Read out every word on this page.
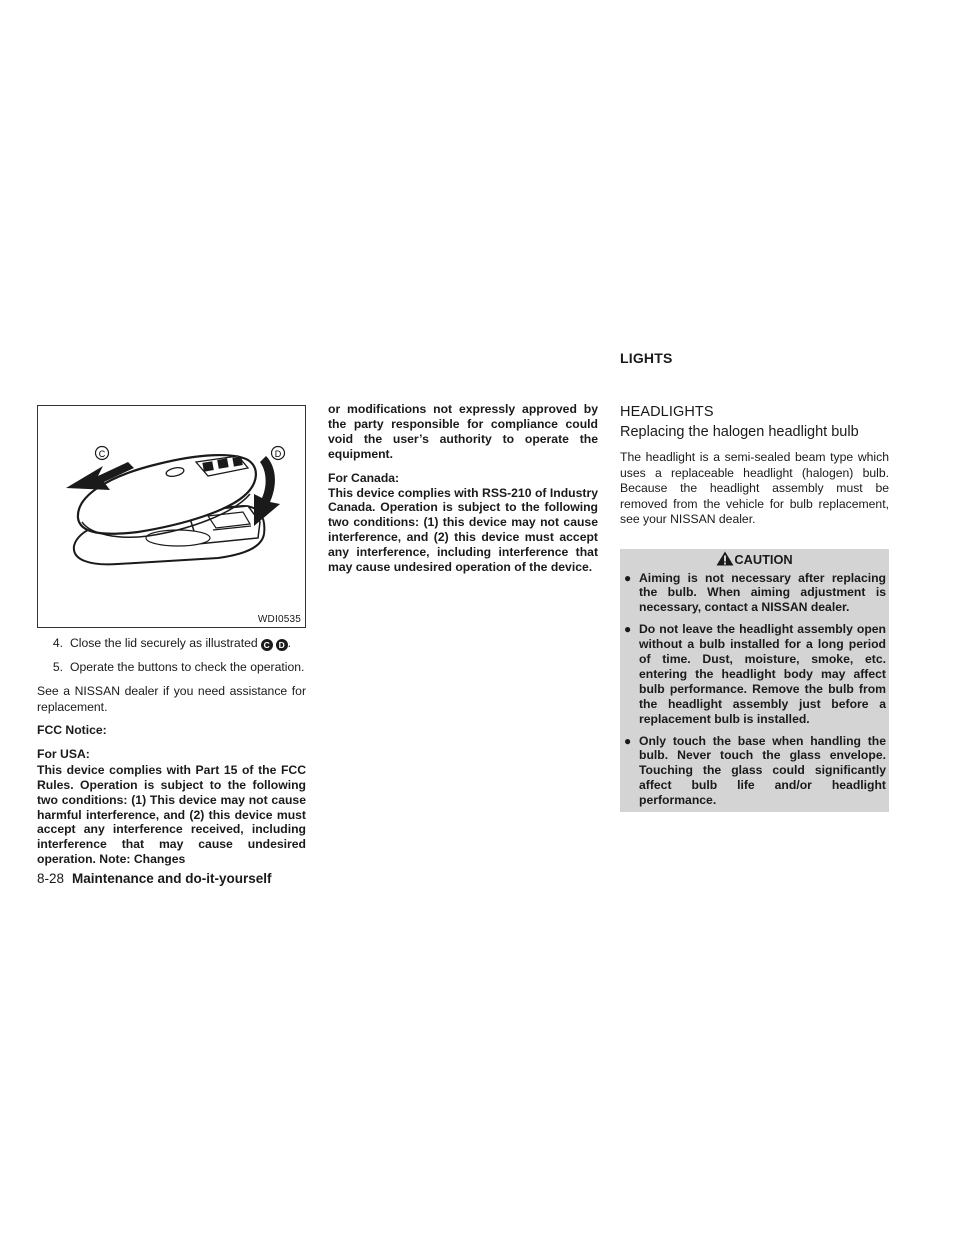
C	D
WDI0535
4. Close the lid securely as illustrated C D .
5. Operate the buttons to check the operation.

See a NISSAN dealer if you need assistance for replacement.

FCC Notice:

For USA:

This device complies with Part 15 of the FCC Rules. Operation is subject to the following two conditions: (1) This device may not cause harmful interference, and (2) this device must accept any interference received, including interference that may cause undesired operation. Note: Changes

or modifications not expressly approved by the party responsible for compliance could void the user’s authority to operate the equipment.

For Canada:

This device complies with RSS-210 of Industry Canada. Operation is subject to the following two conditions: (1) this device may not cause interference, and (2) this device must accept any interference, including interference that may cause undesired operation of the device.

LIGHTS
HEADLIGHTS
Replacing the halogen headlight bulb

The headlight is a semi-sealed beam type which uses a replaceable headlight (halogen) bulb. Because the headlight assembly must be removed from the vehicle for bulb replacement, see your NISSAN dealer.

CAUTION
● Aiming is not necessary after replacing the bulb. When aiming adjustment is necessary, contact a NISSAN dealer.
● Do not leave the headlight assembly open without a bulb installed for a long period of time. Dust, moisture, smoke, etc. entering the headlight body may affect bulb performance. Remove the bulb from the headlight assembly just before a replacement bulb is installed.
● Only touch the base when handling the bulb. Never touch the glass envelope. Touching the glass could significantly affect bulb life and/or headlight performance.
8-28 Maintenance and do-it-yourself
